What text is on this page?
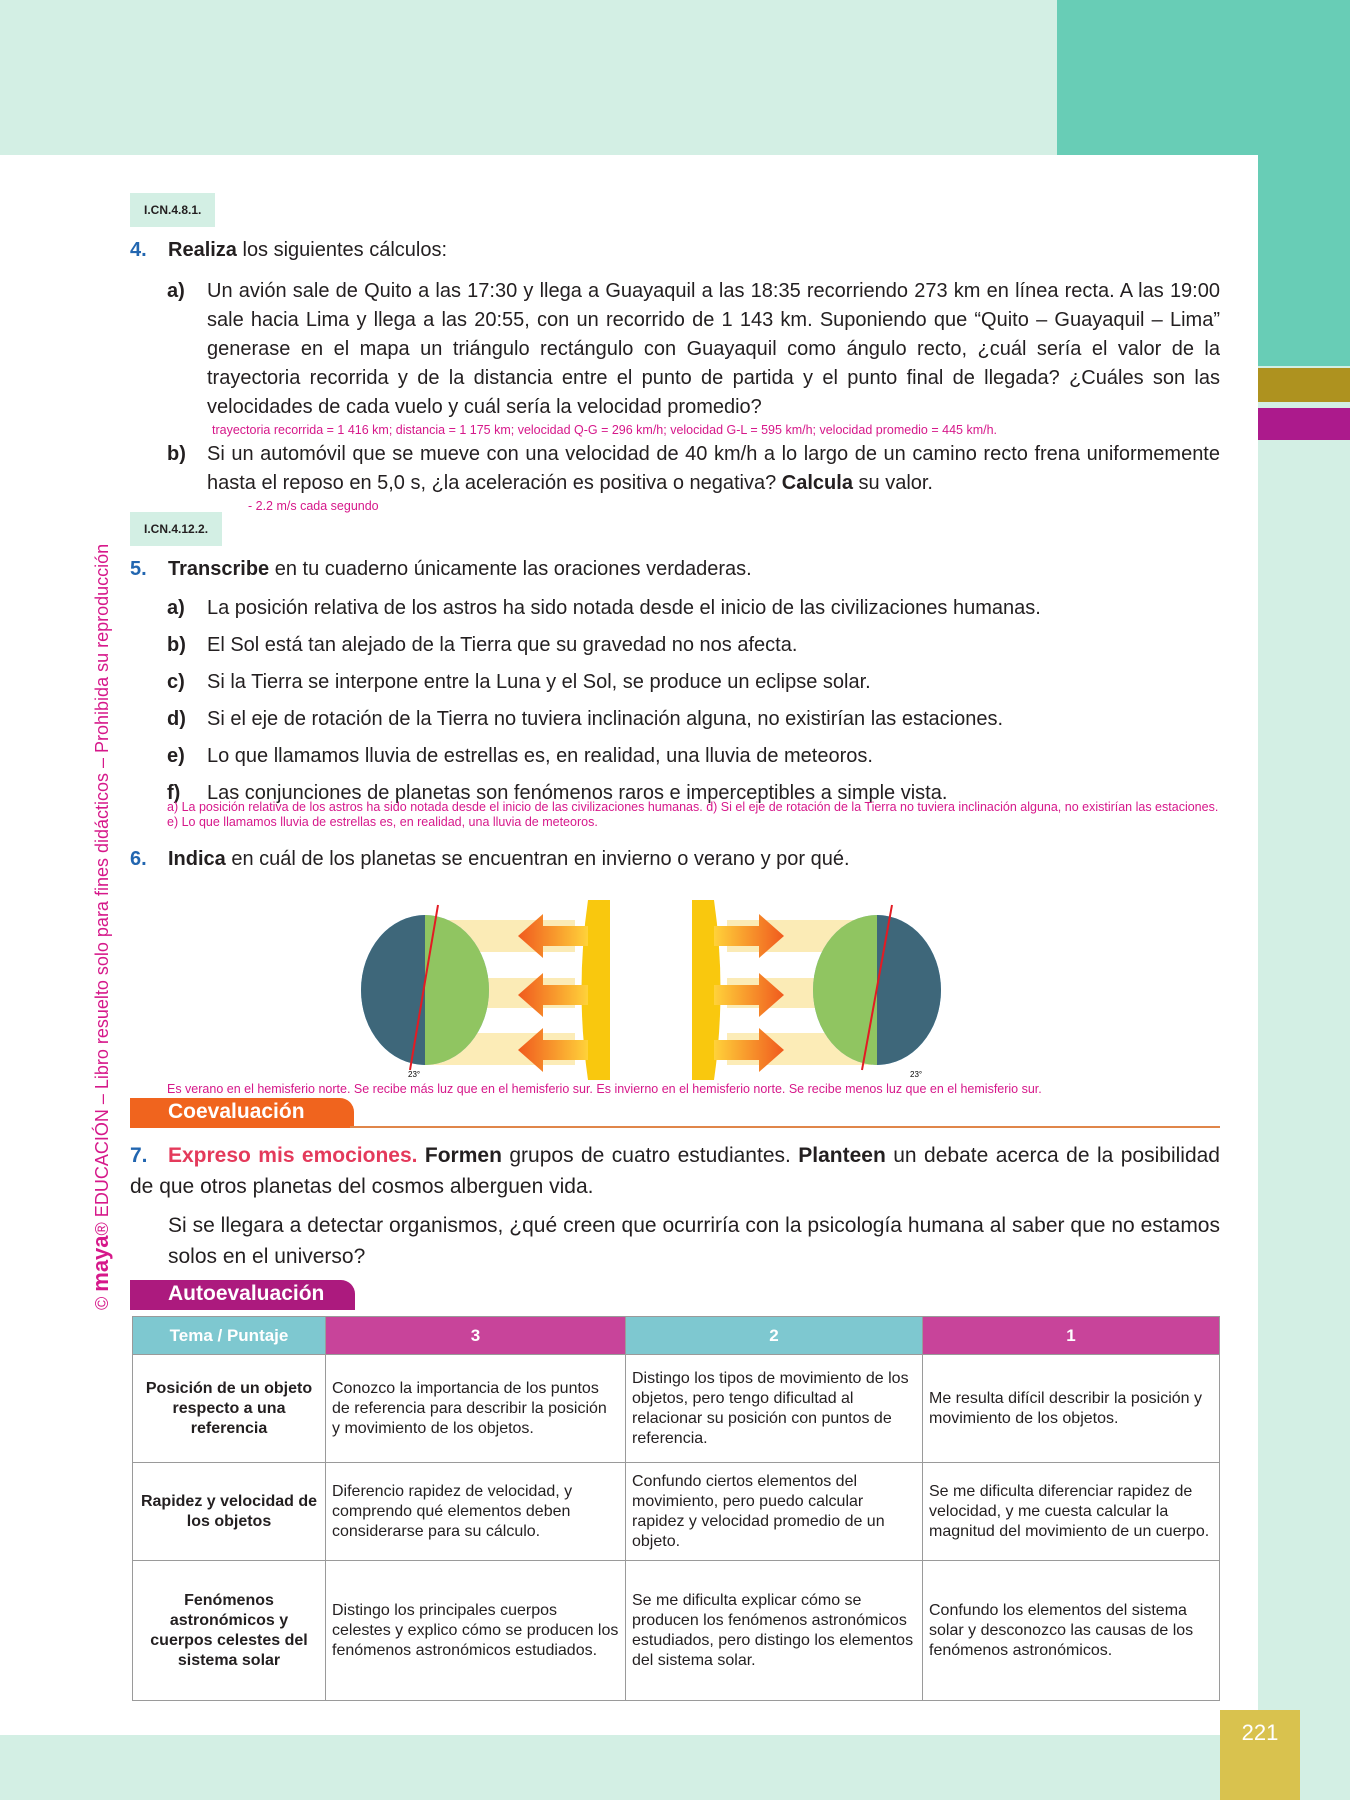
221
© maya® EDUCACIÓN – Libro resuelto solo para fines didácticos – Prohibida su reproducción
I.CN.4.8.1.
4. Realiza los siguientes cálculos:
a) Un avión sale de Quito a las 17:30 y llega a Guayaquil a las 18:35 recorriendo 273 km en línea recta. A las 19:00 sale hacia Lima y llega a las 20:55, con un recorrido de 1 143 km. Suponiendo que “Quito – Guayaquil – Lima” generase en el mapa un triángulo rectángulo con Guayaquil como ángulo recto, ¿cuál sería el valor de la trayectoria recorrida y de la distancia entre el punto de partida y el punto final de llegada? ¿Cuáles son las velocidades de cada vuelo y cuál sería la velocidad promedio?
trayectoria recorrida = 1 416 km; distancia = 1 175 km; velocidad Q-G = 296 km/h; velocidad G-L = 595 km/h; velocidad promedio = 445 km/h.
b) Si un automóvil que se mueve con una velocidad de 40 km/h a lo largo de un camino recto frena uniformemente hasta el reposo en 5,0 s, ¿la aceleración es positiva o negativa? Calcula su valor.
- 2.2 m/s cada segundo
I.CN.4.12.2.
5. Transcribe en tu cuaderno únicamente las oraciones verdaderas.
a) La posición relativa de los astros ha sido notada desde el inicio de las civilizaciones humanas.
b) El Sol está tan alejado de la Tierra que su gravedad no nos afecta.
c) Si la Tierra se interpone entre la Luna y el Sol, se produce un eclipse solar.
d) Si el eje de rotación de la Tierra no tuviera inclinación alguna, no existirían las estaciones.
e) Lo que llamamos lluvia de estrellas es, en realidad, una lluvia de meteoros.
f) Las conjunciones de planetas son fenómenos raros e imperceptibles a simple vista.
a) La posición relativa de los astros ha sido notada desde el inicio de las civilizaciones humanas. d) Si el eje de rotación de la Tierra no tuviera inclinación alguna, no existirían las estaciones. e) Lo que llamamos lluvia de estrellas es, en realidad, una lluvia de meteoros.
6. Indica en cuál de los planetas se encuentran en invierno o verano y por qué.
23°	23°
Es verano en el hemisferio norte. Se recibe más luz que en el hemisferio sur. Es invierno en el hemisferio norte. Se recibe menos luz que en el hemisferio sur.
Coevaluación
7. Expreso mis emociones. Formen grupos de cuatro estudiantes. Planteen un debate acerca de la posibilidad de que otros planetas del cosmos alberguen vida.
Si se llegara a detectar organismos, ¿qué creen que ocurriría con la psicología humana al saber que no estamos solos en el universo?
Autoevaluación
Tema / Puntaje	3	2	1
Posición de un objeto respecto a una referencia	Conozco la importancia de los puntos de referencia para describir la posición y movimiento de los objetos.	Distingo los tipos de movimiento de los objetos, pero tengo dificultad al relacionar su posición con puntos de referencia.	Me resulta difícil describir la posición y movimiento de los objetos.
Rapidez y velocidad de los objetos	Diferencio rapidez de velocidad, y comprendo qué elementos deben considerarse para su cálculo.	Confundo ciertos elementos del movimiento, pero puedo calcular rapidez y velocidad promedio de un objeto.	Se me dificulta diferenciar rapidez de velocidad, y me cuesta calcular la magnitud del movimiento de un cuerpo.
Fenómenos astronómicos y cuerpos celestes del sistema solar	Distingo los principales cuerpos celestes y explico cómo se producen los fenómenos astronómicos estudiados.	Se me dificulta explicar cómo se producen los fenómenos astronómicos estudiados, pero distingo los elementos del sistema solar.	Confundo los elementos del sistema solar y desconozco las causas de los fenómenos astronómicos.
